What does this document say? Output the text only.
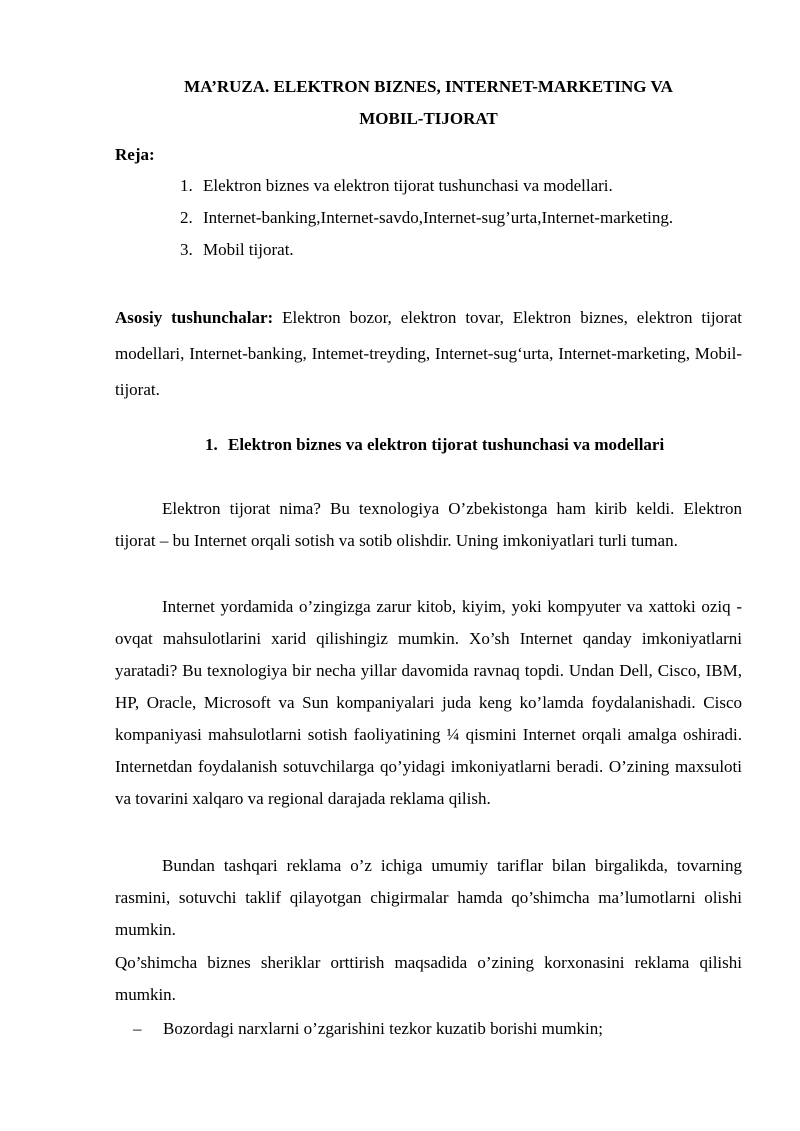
MA’RUZA. ELEKTRON BIZNES, INTERNET-MARKETING VA

MOBIL-TIJORAT

Reja:

1. Elektron biznes va elektron tijorat tushunchasi va modellari.
2. Internet-banking,Internet-savdo,Internet-sug’urta,Internet-marketing.
3. Mobil tijorat.

Asosiy tushunchalar: Elektron bozor, elektron tovar, Elektron biznes, elektron tijorat modellari, Internet-banking, Intemet-treyding, Internet-sug‘urta, Internet-marketing, Mobil-tijorat.

1. Elektron biznes va elektron tijorat tushunchasi va modellari

Elektron tijorat nima? Bu texnologiya O’zbekistonga ham kirib keldi. Elektron tijorat – bu Internet orqali sotish va sotib olishdir. Uning imkoniyatlari turli tuman.

Internet yordamida o’zingizga zarur kitob, kiyim, yoki kompyuter va xattoki oziq - ovqat mahsulotlarini xarid qilishingiz mumkin. Xo’sh Internet qanday imkoniyatlarni yaratadi? Bu texnologiya bir necha yillar davomida ravnaq topdi. Undan Dell, Cisco, IBM, HP, Oracle, Microsoft va Sun kompaniyalari juda keng ko’lamda foydalanishadi. Cisco kompaniyasi mahsulotlarni sotish faoliyatining ¼ qismini Internet orqali amalga oshiradi. Internetdan foydalanish sotuvchilarga qo’yidagi imkoniyatlarni beradi. O’zining maxsuloti va tovarini xalqaro va regional darajada reklama qilish.

Bundan tashqari reklama o’z ichiga umumiy tariflar bilan birgalikda, tovarning rasmini, sotuvchi taklif qilayotgan chigirmalar hamda qo’shimcha ma’lumotlarni olishi mumkin.

Qo’shimcha biznes sheriklar orttirish maqsadida o’zining korxonasini reklama qilishi mumkin.

–	Bozordagi narxlarni o’zgarishini tezkor kuzatib borishi mumkin;
